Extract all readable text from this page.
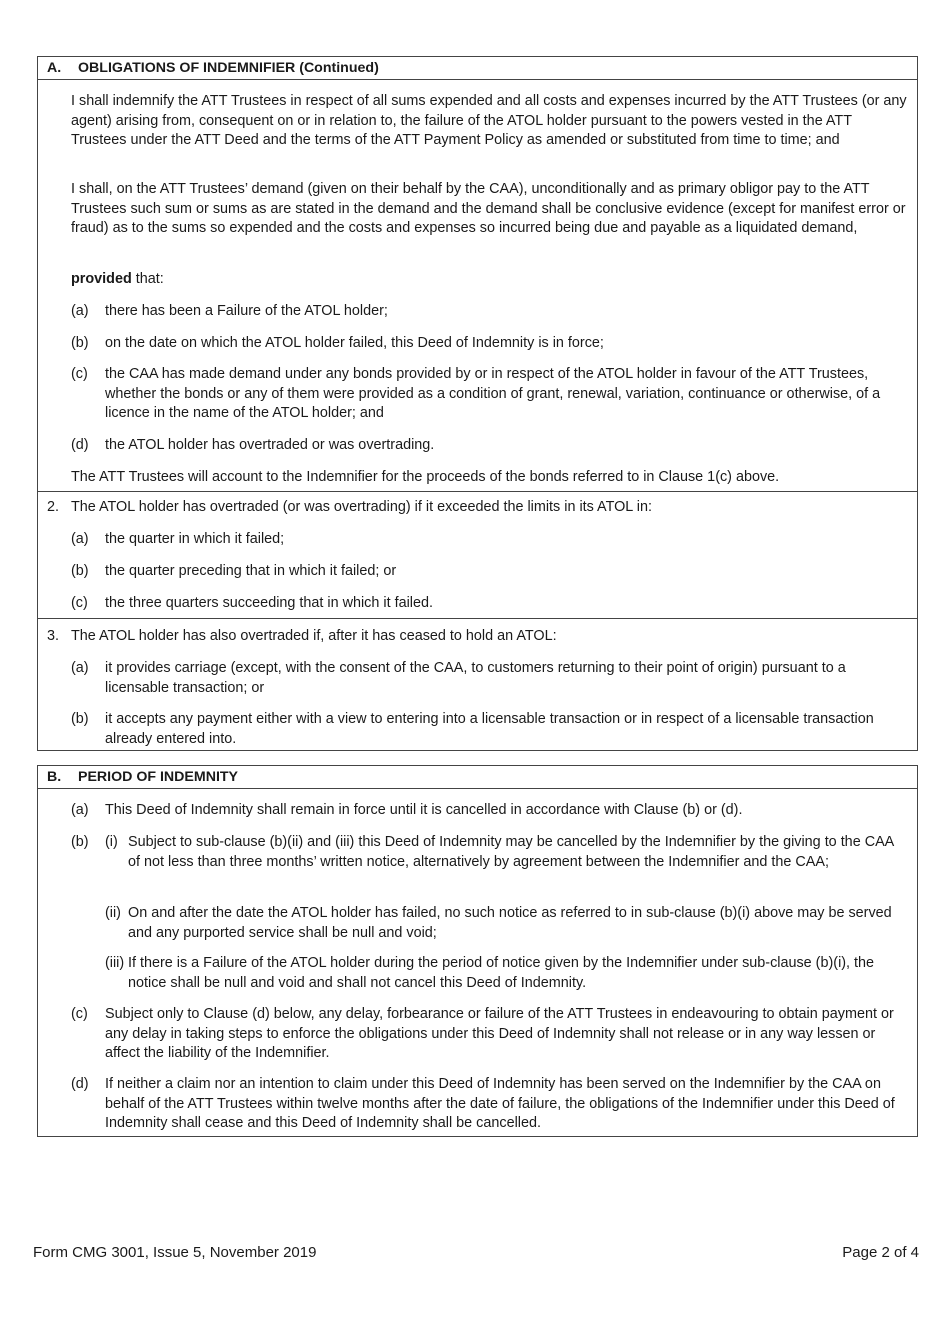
A. OBLIGATIONS OF INDEMNIFIER (Continued)
I shall indemnify the ATT Trustees in respect of all sums expended and all costs and expenses incurred by the ATT Trustees (or any agent) arising from, consequent on or in relation to, the failure of the ATOL holder pursuant to the powers vested in the ATT Trustees under the ATT Deed and the terms of the ATT Payment Policy as amended or substituted from time to time; and
I shall, on the ATT Trustees’ demand (given on their behalf by the CAA), unconditionally and as primary obligor pay to the ATT Trustees such sum or sums as are stated in the demand and the demand shall be conclusive evidence (except for manifest error or fraud) as to the sums so expended and the costs and expenses so incurred being due and payable as a liquidated demand,
provided that:
(a) there has been a Failure of the ATOL holder;
(b) on the date on which the ATOL holder failed, this Deed of Indemnity is in force;
(c) the CAA has made demand under any bonds provided by or in respect of the ATOL holder in favour of the ATT Trustees, whether the bonds or any of them were provided as a condition of grant, renewal, variation, continuance or otherwise, of a licence in the name of the ATOL holder; and
(d) the ATOL holder has overtraded or was overtrading.
The ATT Trustees will account to the Indemnifier for the proceeds of the bonds referred to in Clause 1(c) above.
2. The ATOL holder has overtraded (or was overtrading) if it exceeded the limits in its ATOL in:
(a) the quarter in which it failed;
(b) the quarter preceding that in which it failed; or
(c) the three quarters succeeding that in which it failed.
3. The ATOL holder has also overtraded if, after it has ceased to hold an ATOL:
(a) it provides carriage (except, with the consent of the CAA, to customers returning to their point of origin) pursuant to a licensable transaction; or
(b) it accepts any payment either with a view to entering into a licensable transaction or in respect of a licensable transaction already entered into.
B. PERIOD OF INDEMNITY
(a) This Deed of Indemnity shall remain in force until it is cancelled in accordance with Clause (b) or (d).
(b) (i) Subject to sub-clause (b)(ii) and (iii) this Deed of Indemnity may be cancelled by the Indemnifier by the giving to the CAA of not less than three months’ written notice, alternatively by agreement between the Indemnifier and the CAA;
(ii) On and after the date the ATOL holder has failed, no such notice as referred to in sub-clause (b)(i) above may be served and any purported service shall be null and void;
(iii) If there is a Failure of the ATOL holder during the period of notice given by the Indemnifier under sub-clause (b)(i), the notice shall be null and void and shall not cancel this Deed of Indemnity.
(c) Subject only to Clause (d) below, any delay, forbearance or failure of the ATT Trustees in endeavouring to obtain payment or any delay in taking steps to enforce the obligations under this Deed of Indemnity shall not release or in any way lessen or affect the liability of the Indemnifier.
(d) If neither a claim nor an intention to claim under this Deed of Indemnity has been served on the Indemnifier by the CAA on behalf of the ATT Trustees within twelve months after the date of failure, the obligations of the Indemnifier under this Deed of Indemnity shall cease and this Deed of Indemnity shall be cancelled.
Form CMG 3001, Issue 5, November 2019	Page 2 of 4
